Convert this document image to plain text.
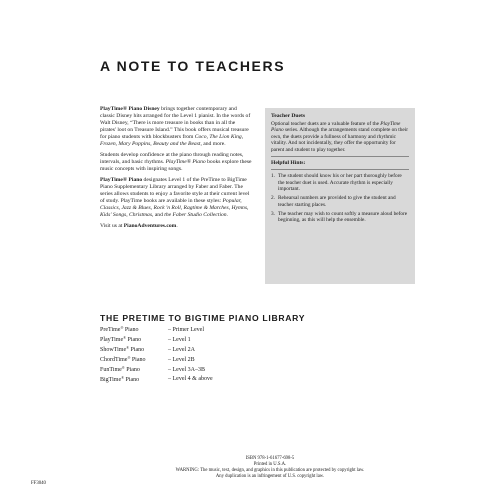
A NOTE TO TEACHERS

PlayTime® Piano Disney brings together contemporary and classic Disney hits arranged for the Level 1 pianist. In the words of Walt Disney, “There is more treasure in books than in all the pirates' loot on Treasure Island.” This book offers musical treasure for piano students with blockbusters from Coco, The Lion King, Frozen, Mary Poppins, Beauty and the Beast, and more.

Students develop confidence at the piano through reading notes, intervals, and basic rhythms. PlayTime® Piano books explore these music concepts with inspiring songs.

PlayTime® Piano designates Level 1 of the PreTime to BigTime Piano Supplementary Library arranged by Faber and Faber. The series allows students to enjoy a favorite style at their current level of study. PlayTime books are available in these styles: Popular, Classics, Jazz & Blues, Rock 'n Roll, Ragtime & Marches, Hymns, Kids' Songs, Christmas, and the Faber Studio Collection.

Visit us at PianoAdventures.com.

Teacher Duets

Optional teacher duets are a valuable feature of the PlayTime Piano series. Although the arrangements stand complete on their own, the duets provide a fullness of harmony and rhythmic vitality. And not incidentally, they offer the opportunity for parent and student to play together.

Helpful Hints:
1. The student should know his or her part thoroughly before the teacher duet is used. Accurate rhythm is especially important.
2. Rehearsal numbers are provided to give the student and teacher starting places.
3. The teacher may wish to count softly a measure aloud before beginning, as this will help the ensemble.
THE PRETIME TO BIGTIME PIANO LIBRARY
PreTime® Piano	– Primer Level
PlayTime® Piano	– Level 1
ShowTime® Piano	– Level 2A
ChordTime® Piano	– Level 2B
FunTime® Piano	– Level 3A–3B
BigTime® Piano	– Level 4 & above
ISBN 978-1-61677-698-5
Printed in U.S.A.
WARNING: The music, text, design, and graphics in this publication are protected by copyright law.
Any duplication is an infringement of U.S. copyright law.
FF3040
